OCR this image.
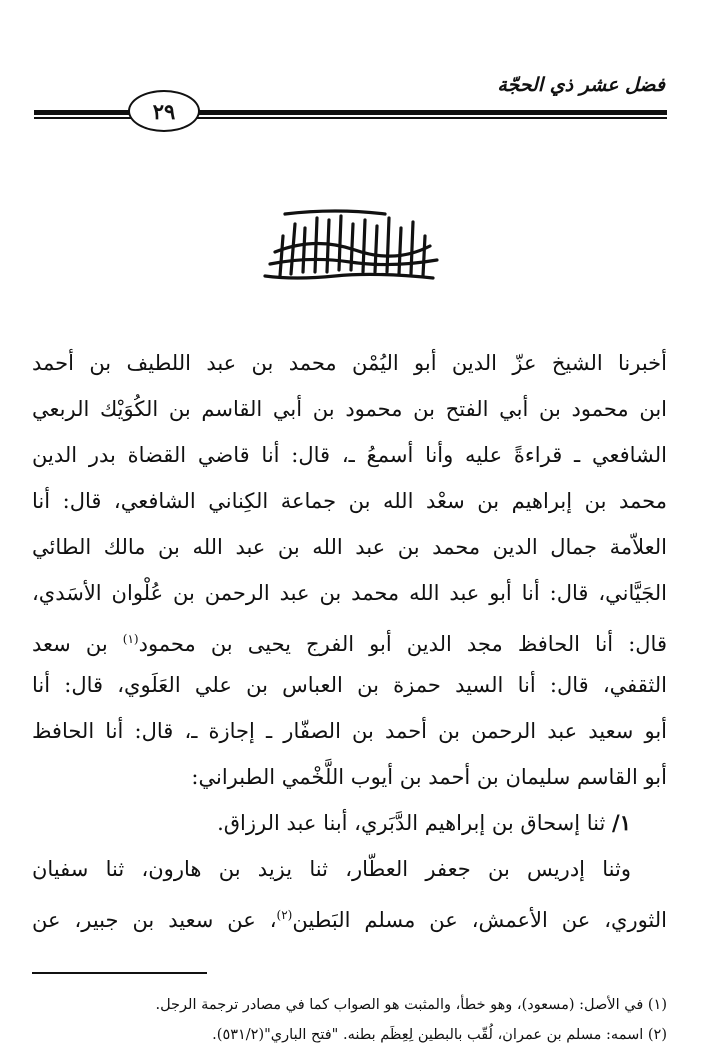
فضل عشر ذي الحجّة
٢٩
أخبرنا الشيخ عزّ الدين أبو اليُمْن محمد بن عبد اللطيف بن أحمد
ابن محمود بن أبي الفتح بن محمود بن أبي القاسم بن الكُوَيْك الربعي
الشافعي ـ قراءةً عليه وأنا أسمعُ ـ، قال: أنا قاضي القضاة بدر الدين
محمد بن إبراهيم بن سعْد الله بن جماعة الكِناني الشافعي، قال: أنا
العلاّمة جمال الدين محمد بن عبد الله بن عبد الله بن مالك الطائي
الجَيَّاني، قال: أنا أبو عبد الله محمد بن عبد الرحمن بن عُلْوان الأسَدي،
قال: أنا الحافظ مجد الدين أبو الفرج يحيى بن محمود$^{(١)}$ بن سعد
الثقفي، قال: أنا السيد حمزة بن العباس بن علي العَلَوي، قال: أنا
أبو سعيد عبد الرحمن بن أحمد بن الصفّار ـ إجازة ـ، قال: أنا الحافظ
أبو القاسم سليمان بن أحمد بن أيوب اللَّخْمي الطبراني:
١/ ثنا إسحاق بن إبراهيم الدَّبَري، أبنا عبد الرزاق.
وثنا إدريس بن جعفر العطّار، ثنا يزيد بن هارون، ثنا سفيان
الثوري، عن الأعمش، عن مسلم البَطين$^{(٢)}$، عن سعيد بن جبير، عن
(١) في الأصل: (مسعود)، وهو خطأ، والمثبت هو الصواب كما في مصادر ترجمة الرجل.
(٢) اسمه: مسلم بن عمران، لُقّب بالبطين لِعِظَم بطنه. "فتح الباري"(٥٣١/٢).
